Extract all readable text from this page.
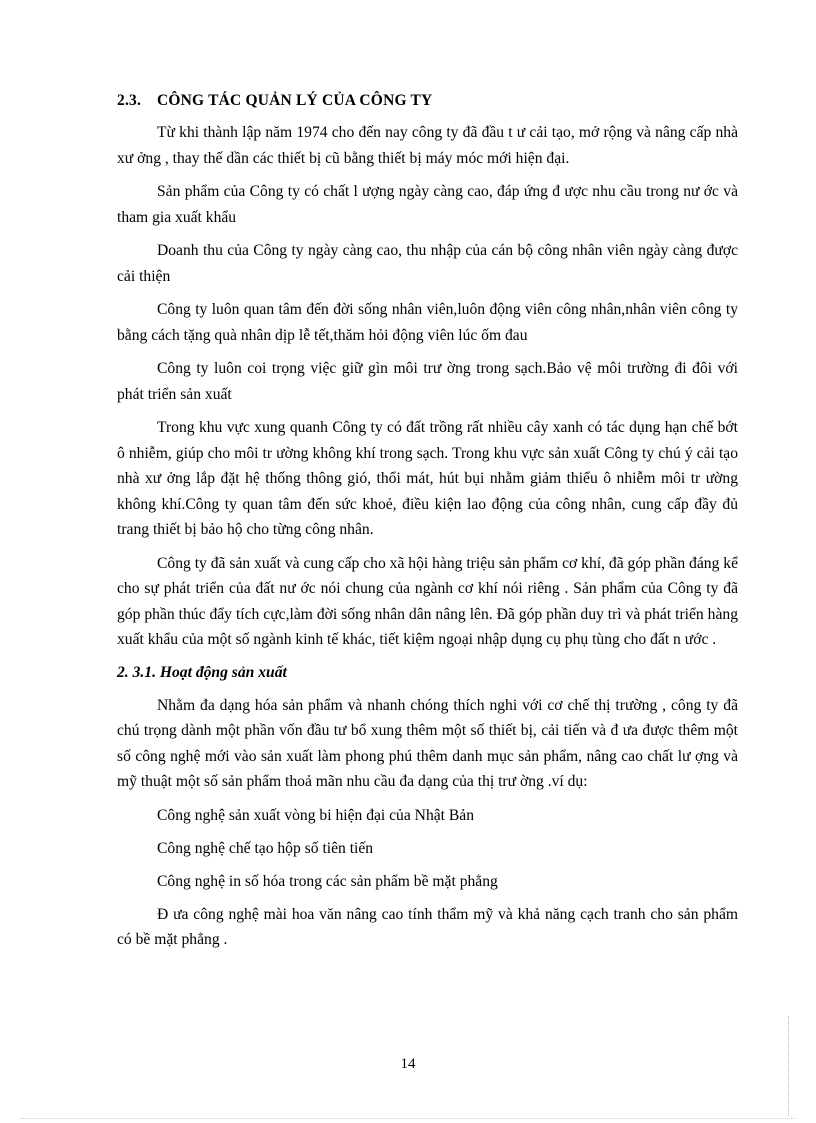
2.3. CÔNG TÁC QUẢN LÝ CỦA CÔNG TY

Từ khi thành lập năm 1974 cho đến nay công ty đã đầu t ư cải tạo, mở rộng và nâng cấp nhà xư ởng , thay thế dần các thiết bị cũ bằng thiết bị máy móc mới hiện đại.

Sản phẩm của Công ty có chất l ượng ngày càng cao, đáp ứng đ ược nhu cầu trong nư ớc và tham gia xuất khẩu

Doanh thu của Công ty ngày càng cao, thu nhập của cán bộ công nhân viên ngày càng được cải thiện

Công ty luôn quan tâm đến đời sống nhân viên,luôn động viên công nhân,nhân viên công ty bằng cách tặng quà nhân dịp lễ tết,thăm hỏi động viên lúc ốm đau

Công ty luôn coi trọng việc giữ gìn môi trư ờng trong sạch.Bảo vệ môi trường đi đôi với phát triển sản xuất

Trong khu vực xung quanh Công ty có đất trồng rất nhiều cây xanh có tác dụng hạn chế bớt ô nhiễm, giúp cho môi tr ường không khí trong sạch. Trong khu vực sản xuất Công ty chú ý cải tạo nhà xư ởng lắp đặt hệ thống thông gió, thổi mát, hút bụi nhằm giảm thiểu ô nhiễm môi tr ường không khí.Công ty quan tâm đến sức khoẻ, điều kiện lao động của công nhân, cung cấp đầy đủ trang thiết bị bảo hộ cho từng công nhân.

Công ty đã sản xuất và cung cấp cho xã hội hàng triệu sản phẩm cơ khí, đã góp phần đáng kể cho sự phát triển của đất nư ớc nói chung của ngành cơ khí nói riêng . Sản phẩm của Công ty đã góp phần thúc đẩy tích cực,làm đời sống nhân dân nâng lên. Đã góp phần duy trì và phát triển hàng xuất khẩu của một số ngành kinh tế khác, tiết kiệm ngoại nhập dụng cụ phụ tùng cho đất n ước .

2. 3.1. Hoạt động sản xuất

Nhằm đa dạng hóa sản phẩm và nhanh chóng thích nghi với cơ chế thị trường , công ty đã chú trọng dành một phần vốn đầu tư bổ xung thêm một số thiết bị, cải tiến và đ ưa được thêm một số công nghệ mới vào sản xuất làm phong phú thêm danh mục sản phẩm, nâng cao chất lư ợng và mỹ thuật một số sản phẩm thoả mãn nhu cầu đa dạng của thị trư ờng .ví dụ:

Công nghệ sản xuất vòng bi hiện đại của Nhật Bản

Công nghệ chế tạo hộp số tiên tiến

Công nghệ in số hóa trong các sản phẩm bề mặt phẳng

Đ ưa công nghệ mài hoa văn nâng cao tính thẩm mỹ và khả năng cạch tranh cho sản phẩm có bề mặt phẳng .

14
